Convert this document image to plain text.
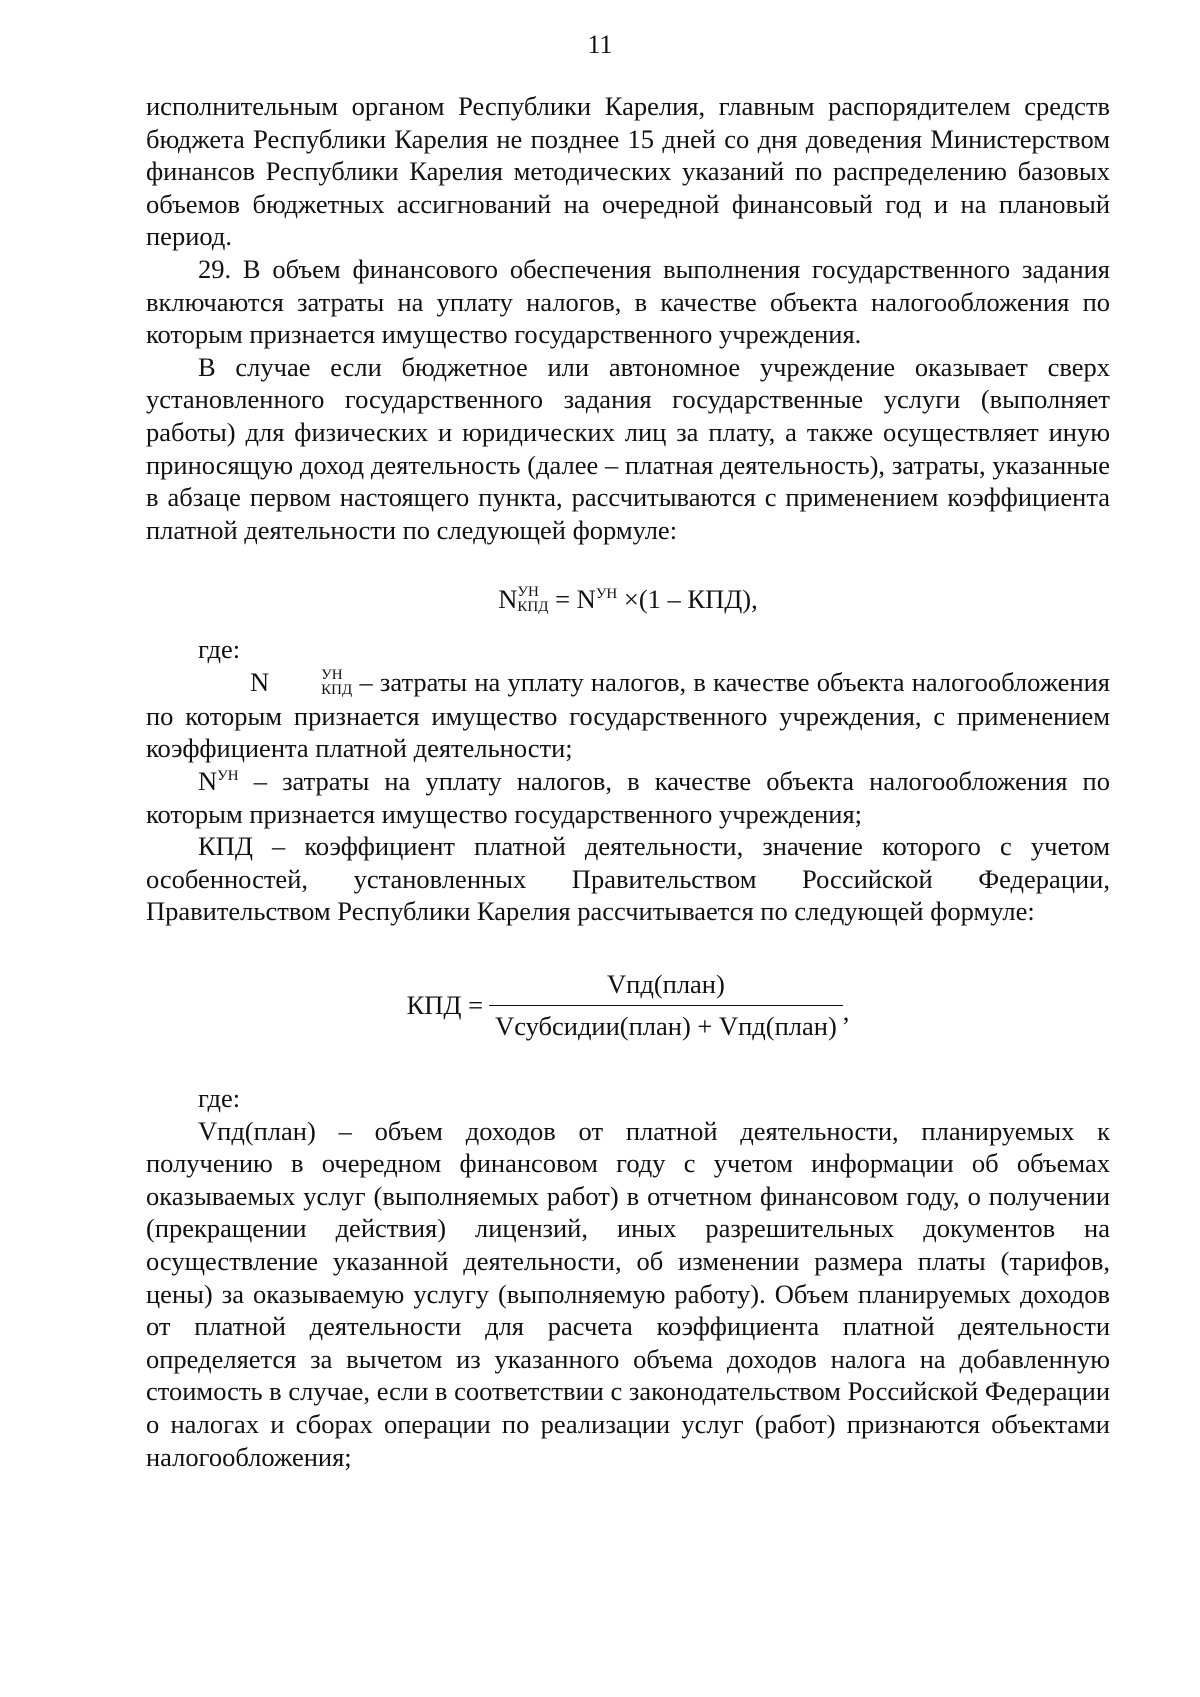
11

исполнительным органом Республики Карелия, главным распорядителем средств бюджета Республики Карелия не позднее 15 дней со дня доведения Министерством финансов Республики Карелия методических указаний по распределению базовых объемов бюджетных ассигнований на очередной финансовый год и на плановый период.

29. В объем финансового обеспечения выполнения государственного задания включаются затраты на уплату налогов, в качестве объекта налогообложения по которым признается имущество государственного учреждения.

В случае если бюджетное или автономное учреждение оказывает сверх установленного государственного задания государственные услуги (выполняет работы) для физических и юридических лиц за плату, а также осуществляет иную приносящую доход деятельность (далее – платная деятельность), затраты, указанные в абзаце первом настоящего пункта, рассчитываются с применением коэффициента платной деятельности по следующей формуле:

N УН
КПД = $N^{УН} \times(1 - КПД)$,

где:

N	УН
КПД – затраты на уплату налогов, в качестве объекта налогообложения по которым признается имущество государственного учреждения, с применением коэффициента платной деятельности;

$N^{УН}$ – затраты на уплату налогов, в качестве объекта налогообложения по которым признается имущество государственного учреждения;

КПД – коэффициент платной деятельности, значение которого с учетом особенностей, установленных Правительством Российской Федерации, Правительством Республики Карелия рассчитывается по следующей формуле:

КПД = $\frac{\text{Vпд(план)}}{\text{Vсубсидии(план) + Vпд(план)}}$ ,

где:

Vпд(план) – объем доходов от платной деятельности, планируемых к получению в очередном финансовом году с учетом информации об объемах оказываемых услуг (выполняемых работ) в отчетном финансовом году, о получении (прекращении действия) лицензий, иных разрешительных документов на осуществление указанной деятельности, об изменении размера платы (тарифов, цены) за оказываемую услугу (выполняемую работу). Объем планируемых доходов от платной деятельности для расчета коэффициента платной деятельности определяется за вычетом из указанного объема доходов налога на добавленную стоимость в случае, если в соответствии с законодательством Российской Федерации о налогах и сборах операции по реализации услуг (работ) признаются объектами налогообложения;
